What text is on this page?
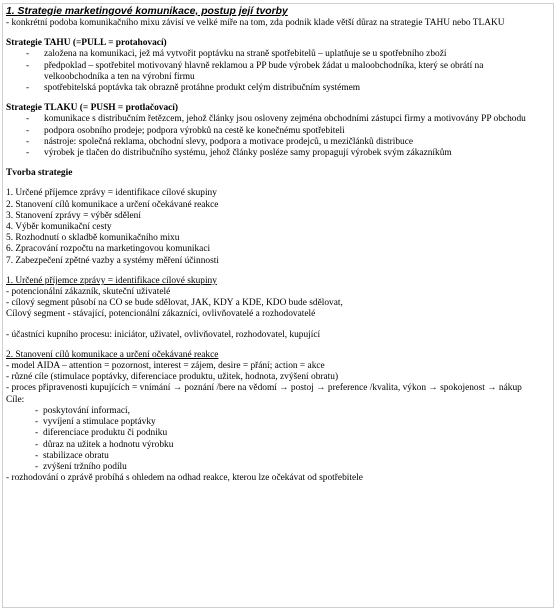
1. Strategie marketingové komunikace, postup její tvorby

- konkrétní podoba komunikačního mixu závisí ve velké míře na tom, zda podnik klade větší důraz na strategie TAHU nebo TLAKU

Strategie TAHU (=PULL = protahovací)

- založena na komunikaci, jež má vytvořit poptávku na straně spotřebitelů – uplatňuje se u spotřebního zboží
- předpoklad – spotřebitel motivovaný hlavně reklamou a PP bude výrobek žádat u maloobchodníka, který se obrátí na velkoobchodníka a ten na výrobní firmu
- spotřebitelská poptávka tak obrazně protáhne produkt celým distribučním systémem

Strategie TLAKU (= PUSH = protlačovací)

- komunikace s distribučním řetězcem, jehož články jsou osloveny zejména obchodními zástupci firmy a motivovány PP obchodu
- podpora osobního prodeje; podpora výrobků na cestě ke konečnému spotřebiteli
- nástroje: společná reklama, obchodní slevy, podpora a motivace prodejců, u mezičlánků distribuce
- výrobek je tlačen do distribučního systému, jehož články posléze samy propagují výrobek svým zákazníkům

Tvorba strategie

1. Určené příjemce zprávy = identifikace cílové skupiny
2. Stanovení cílů komunikace a určení očekávané reakce
3. Stanovení zprávy = výběr sdělení
4. Výběr komunikační cesty
5. Rozhodnutí o skladbě komunikačního mixu
6. Zpracování rozpočtu na marketingovou komunikaci
7. Zabezpečení zpětné vazby a systémy měření účinnosti

1. Určené příjemce zprávy = identifikace cílové skupiny

- potencionální zákazník, skuteční uživatelé

- cílový segment působí na CO se bude sdělovat, JAK, KDY a KDE, KDO bude sdělovat,

Cílový segment - stávající, potencionální zákazníci, ovlivňovatelé a rozhodovatelé

- účastníci kupního procesu: iniciátor, uživatel, ovlivňovatel, rozhodovatel, kupující

2. Stanovení cílů komunikace a určení očekávané reakce

- model AIDA – attention = pozornost, interest = zájem, desire = přání; action = akce

- různé cíle (stimulace poptávky, diferenciace produktu, užitek, hodnota, zvýšení obratu)

- proces připravenosti kupujících = vnímání → poznání /bere na vědomí → postoj → preference /kvalita, výkon → spokojenost → nákup

Cíle:

- poskytování informací,
- vyvíjení a stimulace poptávky
- diferenciace produktu či podniku
- důraz na užitek a hodnotu výrobku
- stabilizace obratu
- zvýšení tržního podílu

- rozhodování o zprávě probíhá s ohledem na odhad reakce, kterou lze očekávat od spotřebitele
